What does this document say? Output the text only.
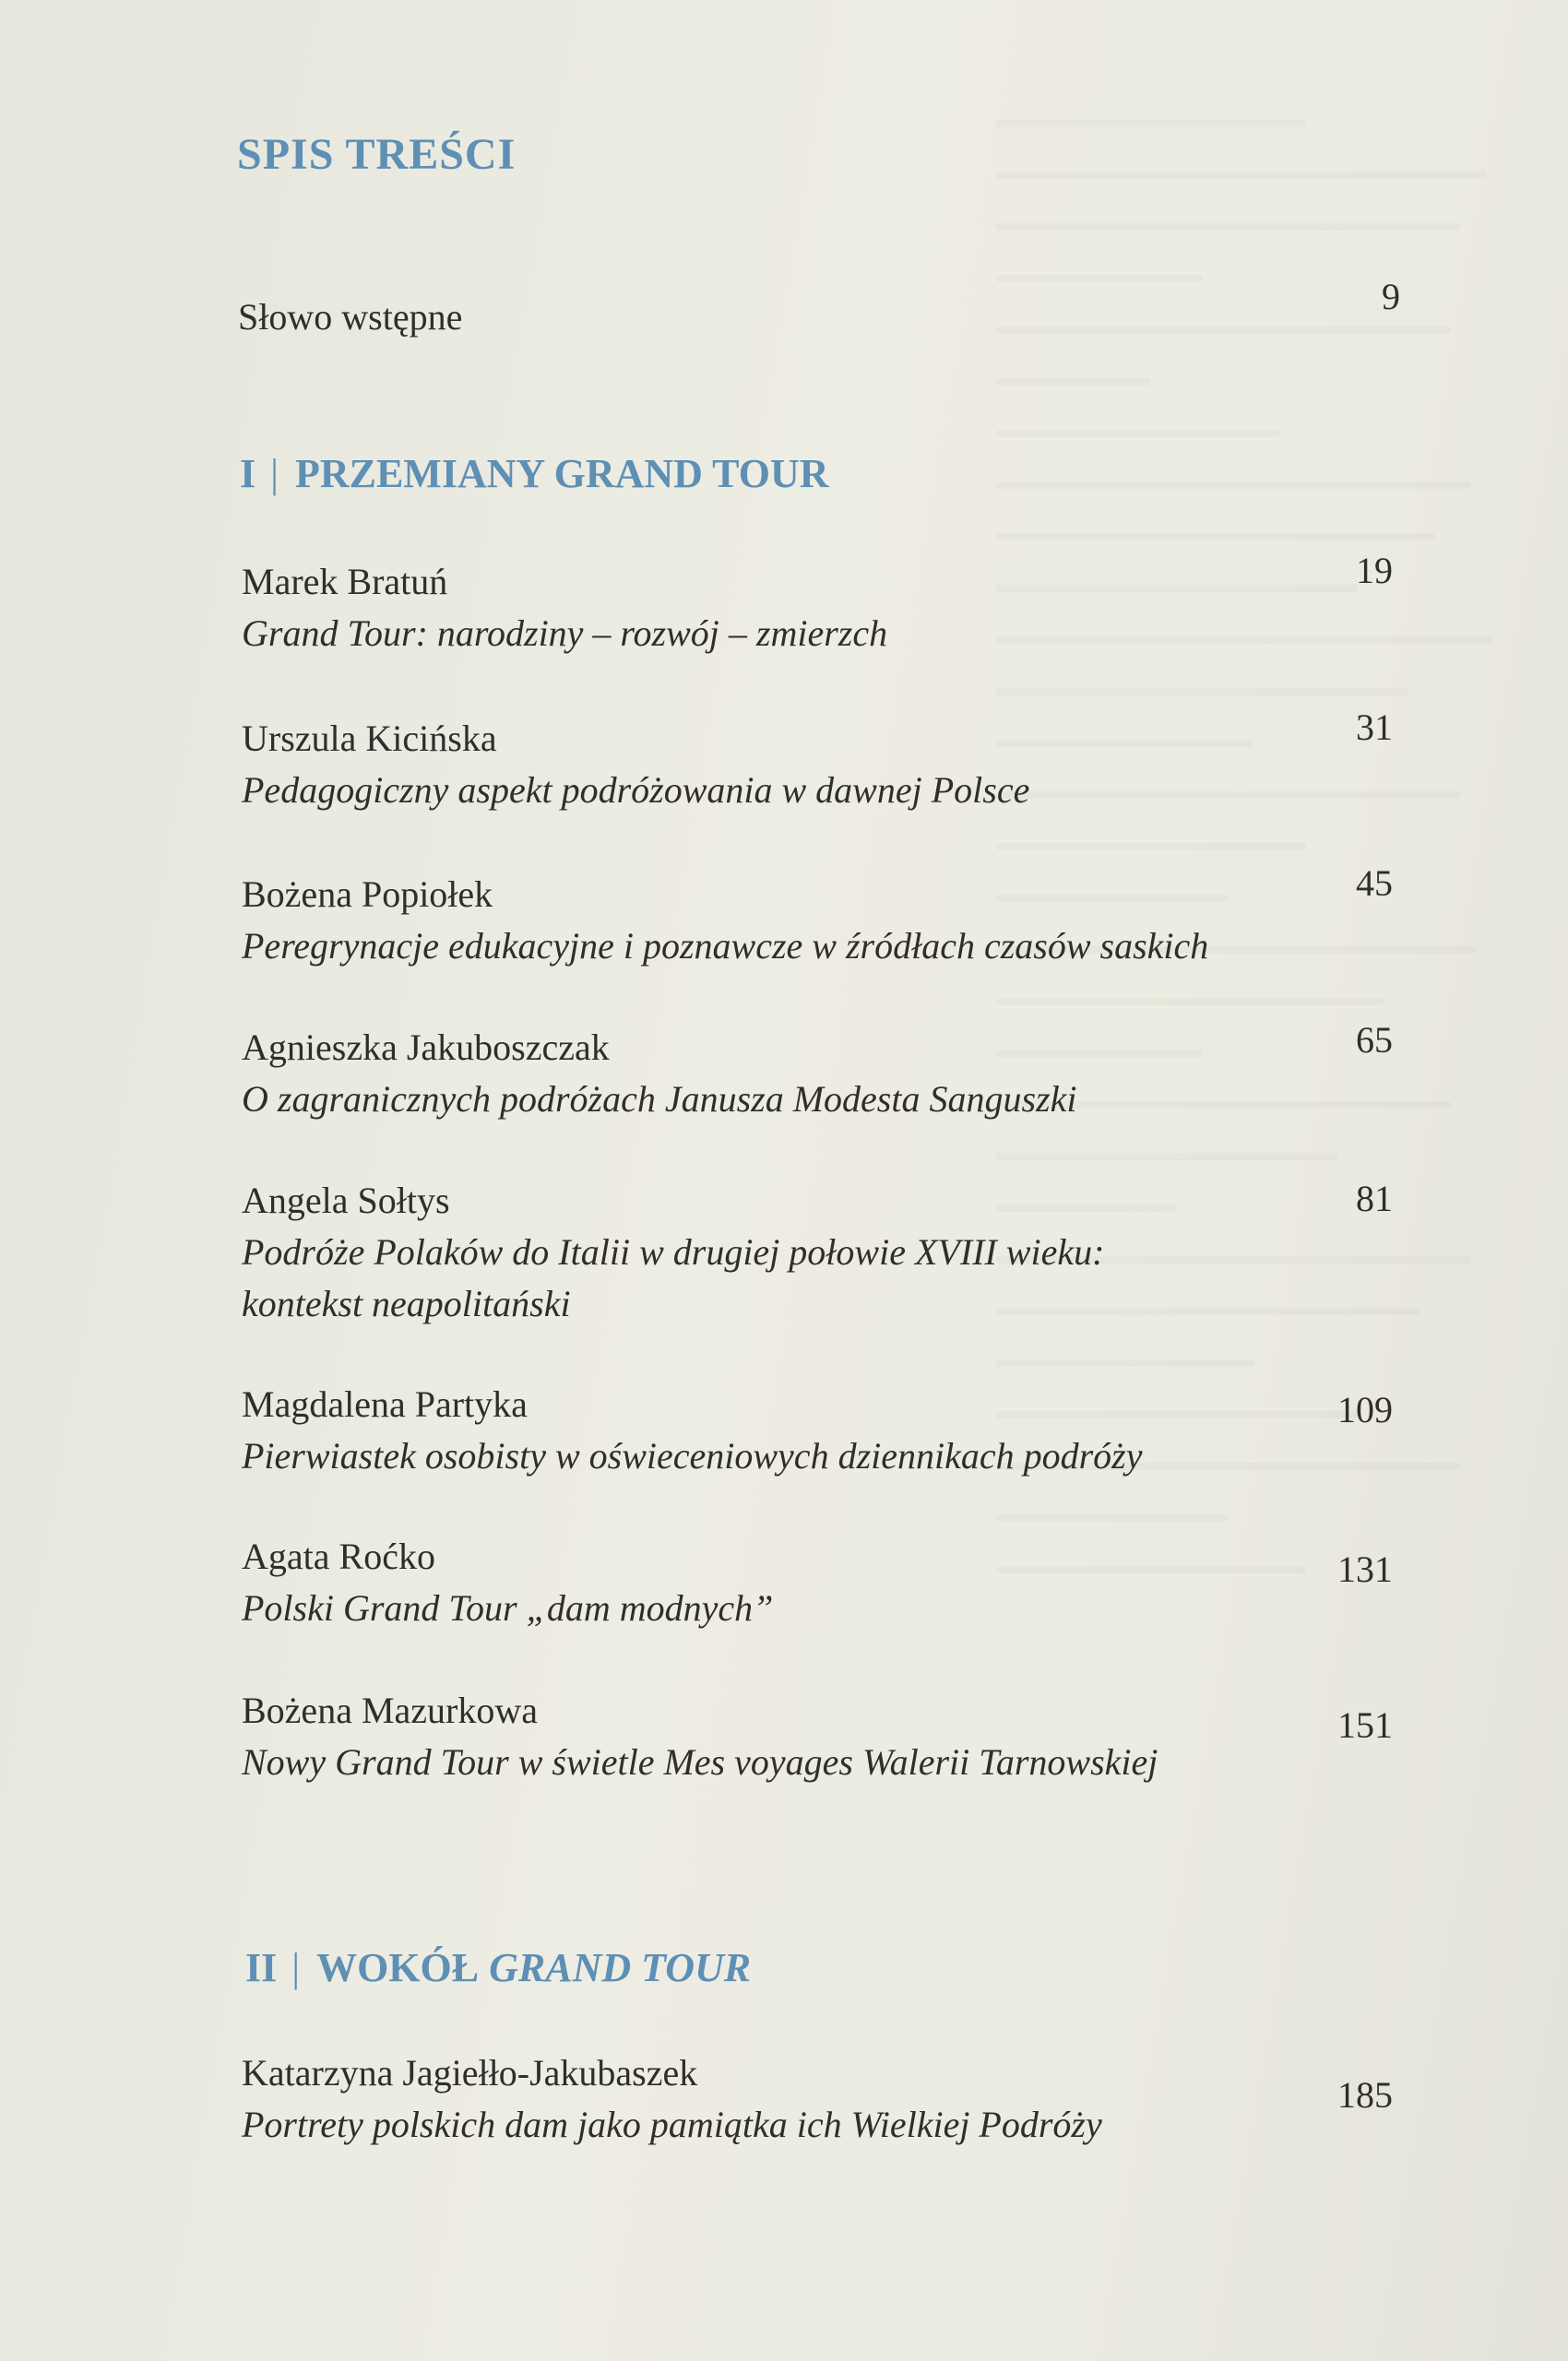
SPIS TREŚCI
Słowo wstępne	9
I | PRZEMIANY GRAND TOUR
Marek Bratuń
Grand Tour: narodziny – rozwój – zmierzch
19
Urszula Kicińska
Pedagogiczny aspekt podróżowania w dawnej Polsce
31
Bożena Popiołek
Peregrynacje edukacyjne i poznawcze w źródłach czasów saskich
45
Agnieszka Jakuboszczak
O zagranicznych podróżach Janusza Modesta Sanguszki
65
Angela Sołtys
Podróże Polaków do Italii w drugiej połowie XVIII wieku:
kontekst neapolitański
81
Magdalena Partyka
Pierwiastek osobisty w oświeceniowych dziennikach podróży
109
Agata Roćko
Polski Grand Tour „dam modnych”
131
Bożena Mazurkowa
Nowy Grand Tour w świetle Mes voyages Walerii Tarnowskiej
151
II | WOKÓŁ GRAND TOUR
Katarzyna Jagiełło-Jakubaszek
Portrety polskich dam jako pamiątka ich Wielkiej Podróży
185
